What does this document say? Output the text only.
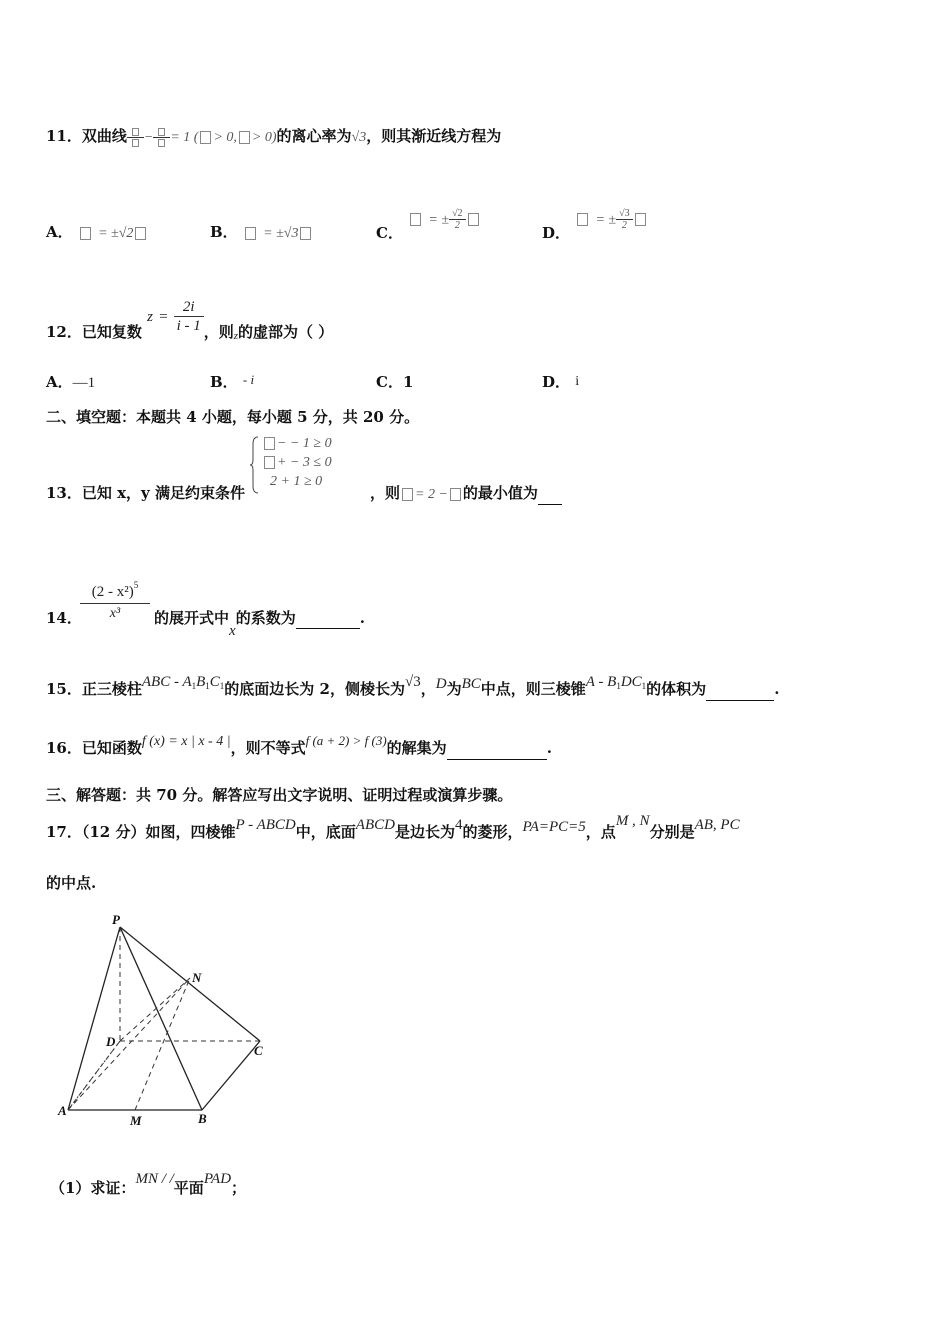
11．双曲线 − = 1 ( > 0, > 0)的离心率为√3，则其渐近线方程为
A． = ±√2	B． = ±√3	C．  = ± $\frac{√2}{2}$
D．  = ± $\frac{√3}{2}$
12．已知复数 $z = \frac{2i}{i - 1}$ ，则$_z$的虚部为（ ）
A．—1	B． - i	C．1	D． i
二、填空题：本题共 4 小题，每小题 5 分，共 20 分。
13．已知 x，y 满足约束条件
− − 1 ≥ 0
+ − 3 ≤ 0
2 + 1 ≥ 0
，则 = 2 − 的最小值为
14．
(2 - x²)$^5$
x³	的展开式中x的系数为	.
15．正三棱柱ABC - $A_1B_1C_1$的底面边长为 2，侧棱长为√3，D为BC中点，则三棱锥A - $B_1DC_1$的体积为	.
16．已知函数f (x) = x | x - 4 |，则不等式f (a + 2) > f (3)的解集为	.
三、解答题：共 70 分。解答应写出文字说明、证明过程或演算步骤。
17．（12 分）如图，四棱锥P - ABCD中，底面ABCD是边长为4的菱形，PA=PC=5，点M , N分别是AB, PC
的中点.
P
N
D
C
A
M	B
（1）求证：MN / /平面PAD；
